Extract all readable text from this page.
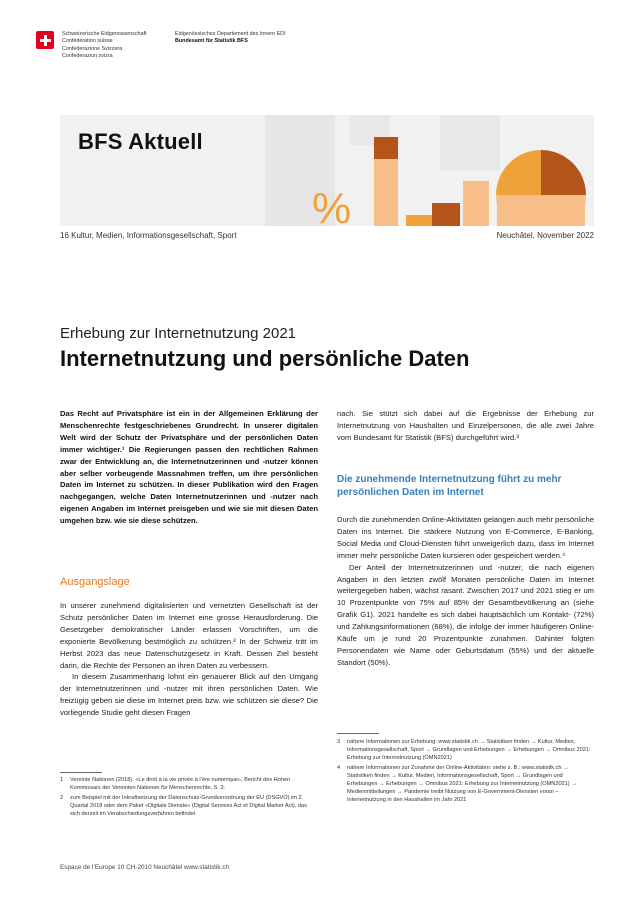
Schweizerische Eidgenossenschaft
Confédération suisse
Confederazione Svizzera
Confederaziun svizra
Eidgenössisches Departement des Innern EDI
Bundesamt für Statistik BFS
%
BFS Aktuell
16 Kultur, Medien, Informationsgesellschaft, Sport	Neuchâtel, November 2022
Erhebung zur Internetnutzung 2021
Internetnutzung und persönliche Daten
Das Recht auf Privatsphäre ist ein in der Allgemeinen Erklärung der Menschenrechte festgeschriebenes Grundrecht. In unserer digitalen Welt wird der Schutz der Privatsphäre und der persönlichen Daten immer wichtiger.¹ Die Regierungen passen den rechtlichen Rahmen zwar der Entwicklung an, die Internetnutzerinnen und -nutzer können aber selber vorbeugende Massnahmen treffen, um ihre persönlichen Daten im Internet zu schützen. In dieser Publikation wird den Fragen nachgegangen, welche Daten Internetnutzerinnen und -nutzer nach eigenen Angaben im Internet preisgeben und wie sie mit diesen Daten umgehen bzw. wie sie diese schützen.
Ausgangslage

In unserer zunehmend digitalisierten und vernetzten Gesellschaft ist der Schutz persönlicher Daten im Internet eine grosse Herausforderung. Die Gesetzgeber demokratischer Länder erlassen Vorschriften, um die exponierte Bevölkerung bestmöglich zu schützen.² In der Schweiz tritt im Herbst 2023 das neue Datenschutzgesetz in Kraft. Dessen Ziel besteht darin, die Rechte der Personen an ihren Daten zu verbessern.

In diesem Zusammenhang lohnt ein genauerer Blick auf den Umgang der Internetnutzerinnen und -nutzer mit ihren persönlichen Daten. Wie freizügig geben sie diese im Internet preis bzw. wie schützen sie diese? Die vorliegende Studie geht diesen Fragen

1	Vereinte Nationen (2018). «Le droit à la vie privée à l’ère numérique», Bericht des Hohen Kommissars der Vereinten Nationen für Menschenrechte, S. 3.
2	zum Beispiel mit der Inkraftsetzung der Datenschutz-Grundverordnung der EU (DSGVO) im 2. Quartal 2018 oder dem Paket «Digitale Dienste» (Digital Services Act et Digital Market Act), das sich derzeit im Verabschiedungsverfahren befindet

nach. Sie stützt sich dabei auf die Ergebnisse der Erhebung zur Internetnutzung von Haushalten und Einzelpersonen, die alle zwei Jahre vom Bundesamt für Statistik (BFS) durchgeführt wird.³

Die zunehmende Internetnutzung führt zu mehr persönlichen Daten im Internet

Durch die zunehmenden Online-Aktivitäten gelangen auch mehr persönliche Daten ins Internet. Die stärkere Nutzung von E-Commerce, E-Banking, Social Media und Cloud-Diensten führt unweigerlich dazu, dass im Internet immer mehr persönliche Daten kursieren oder gespeichert werden.⁴

Der Anteil der Internetnutzerinnen und -nutzer, die nach eigenen Angaben in den letzten zwölf Monaten persönliche Daten im Internet weitergegeben haben, wächst rasant. Zwischen 2017 und 2021 stieg er um 10 Prozentpunkte von 75% auf 85% der Gesamtbevölkerung an (siehe Grafik G1). 2021 handelte es sich dabei hauptsächlich um Kontakt- (72%) und Zahlungsinformationen (68%), die infolge der immer häufigeren Online-Käufe um je rund 20 Prozentpunkte zunahmen. Dahinter folgten Personendaten wie Name oder Geburtsdatum (55%) und der aktuelle Standort (50%).

3	nähere Informationen zur Erhebung: www.statistik.ch → Statistiken finden → Kultur, Medien, Informationsgesellschaft, Sport → Grundlagen und Erhebungen → Erhebungen → Omnibus 2021: Erhebung zur Internetnutzung (OMN2021)
4	nähere Informationen zur Zunahme der Online-Aktivitäten: siehe z. B.: www.statistik.ch → Statistiken finden → Kultur, Medien, Informationsgesellschaft, Sport → Grundlagen und Erhebungen → Erhebungen → Omnibus 2021: Erhebung zur Internetnutzung (OMN2021) → Medienmitteilungen → Pandemie treibt Nutzung von E-Government-Diensten voran – Internetnutzung in den Haushalten im Jahr 2021
Espace de l’Europe 10 CH-2010 Neuchâtel www.statistik.ch
